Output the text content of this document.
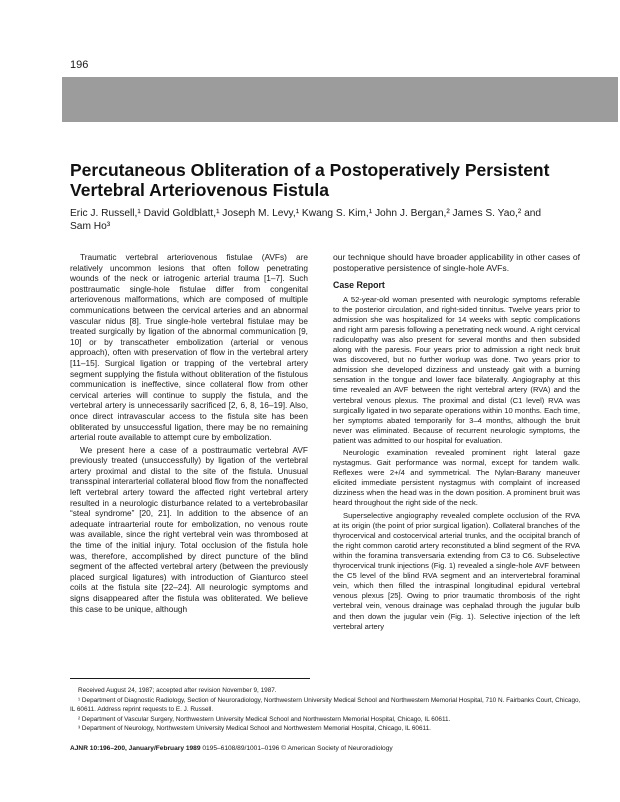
196
Percutaneous Obliteration of a Postoperatively Persistent
Vertebral Arteriovenous Fistula
Eric J. Russell,¹ David Goldblatt,¹ Joseph M. Levy,¹ Kwang S. Kim,¹ John J. Bergan,² James S. Yao,² and
Sam Ho³

Traumatic vertebral arteriovenous fistulae (AVFs) are relatively uncommon lesions that often follow penetrating wounds of the neck or iatrogenic arterial trauma [1–7]. Such posttraumatic single-hole fistulae differ from congenital arteriovenous malformations, which are composed of multiple communications between the cervical arteries and an abnormal vascular nidus [8]. True single-hole vertebral fistulae may be treated surgically by ligation of the abnormal communication [9, 10] or by transcatheter embolization (arterial or venous approach), often with preservation of flow in the vertebral artery [11–15]. Surgical ligation or trapping of the vertebral artery segment supplying the fistula without obliteration of the fistulous communication is ineffective, since collateral flow from other cervical arteries will continue to supply the fistula, and the vertebral artery is unnecessarily sacrificed [2, 6, 8, 16–19]. Also, once direct intravascular access to the fistula site has been obliterated by unsuccessful ligation, there may be no remaining arterial route available to attempt cure by embolization.

We present here a case of a posttraumatic vertebral AVF previously treated (unsuccessfully) by ligation of the vertebral artery proximal and distal to the site of the fistula. Unusual transspinal interarterial collateral blood flow from the nonaffected left vertebral artery toward the affected right vertebral artery resulted in a neurologic disturbance related to a vertebrobasilar “steal syndrome” [20, 21]. In addition to the absence of an adequate intraarterial route for embolization, no venous route was available, since the right vertebral vein was thrombosed at the time of the initial injury. Total occlusion of the fistula hole was, therefore, accomplished by direct puncture of the blind segment of the affected vertebral artery (between the previously placed surgical ligatures) with introduction of Gianturco steel coils at the fistula site [22–24]. All neurologic symptoms and signs disappeared after the fistula was obliterated. We believe this case to be unique, although

our technique should have broader applicability in other cases of postoperative persistence of single-hole AVFs.

Case Report

A 52-year-old woman presented with neurologic symptoms referable to the posterior circulation, and right-sided tinnitus. Twelve years prior to admission she was hospitalized for 14 weeks with septic complications and right arm paresis following a penetrating neck wound. A right cervical radiculopathy was also present for several months and then subsided along with the paresis. Four years prior to admission a right neck bruit was discovered, but no further workup was done. Two years prior to admission she developed dizziness and unsteady gait with a burning sensation in the tongue and lower face bilaterally. Angiography at this time revealed an AVF between the right vertebral artery (RVA) and the vertebral venous plexus. The proximal and distal (C1 level) RVA was surgically ligated in two separate operations within 10 months. Each time, her symptoms abated temporarily for 3–4 months, although the bruit never was eliminated. Because of recurrent neurologic symptoms, the patient was admitted to our hospital for evaluation.

Neurologic examination revealed prominent right lateral gaze nystagmus. Gait performance was normal, except for tandem walk. Reflexes were 2+/4 and symmetrical. The Nylan-Barany maneuver elicited immediate persistent nystagmus with complaint of increased dizziness when the head was in the down position. A prominent bruit was heard throughout the right side of the neck.

Superselective angiography revealed complete occlusion of the RVA at its origin (the point of prior surgical ligation). Collateral branches of the thyrocervical and costocervical arterial trunks, and the occipital branch of the right common carotid artery reconstituted a blind segment of the RVA within the foramina transversaria extending from C3 to C6. Subselective thyrocervical trunk injections (Fig. 1) revealed a single-hole AVF between the C5 level of the blind RVA segment and an intervertebral foraminal vein, which then filled the intraspinal longitudinal epidural vertebral venous plexus [25]. Owing to prior traumatic thrombosis of the right vertebral vein, venous drainage was cephalad through the jugular bulb and then down the jugular vein (Fig. 1). Selective injection of the left vertebral artery

Received August 24, 1987; accepted after revision November 9, 1987.

¹ Department of Diagnostic Radiology, Section of Neuroradiology, Northwestern University Medical School and Northwestern Memorial Hospital, 710 N. Fairbanks Court, Chicago, IL 60611. Address reprint requests to E. J. Russell.

² Department of Vascular Surgery, Northwestern University Medical School and Northwestern Memorial Hospital, Chicago, IL 60611.

³ Department of Neurology, Northwestern University Medical School and Northwestern Memorial Hospital, Chicago, IL 60611.

AJNR 10:196–200, January/February 1989 0195–6108/89/1001–0196 © American Society of Neuroradiology
